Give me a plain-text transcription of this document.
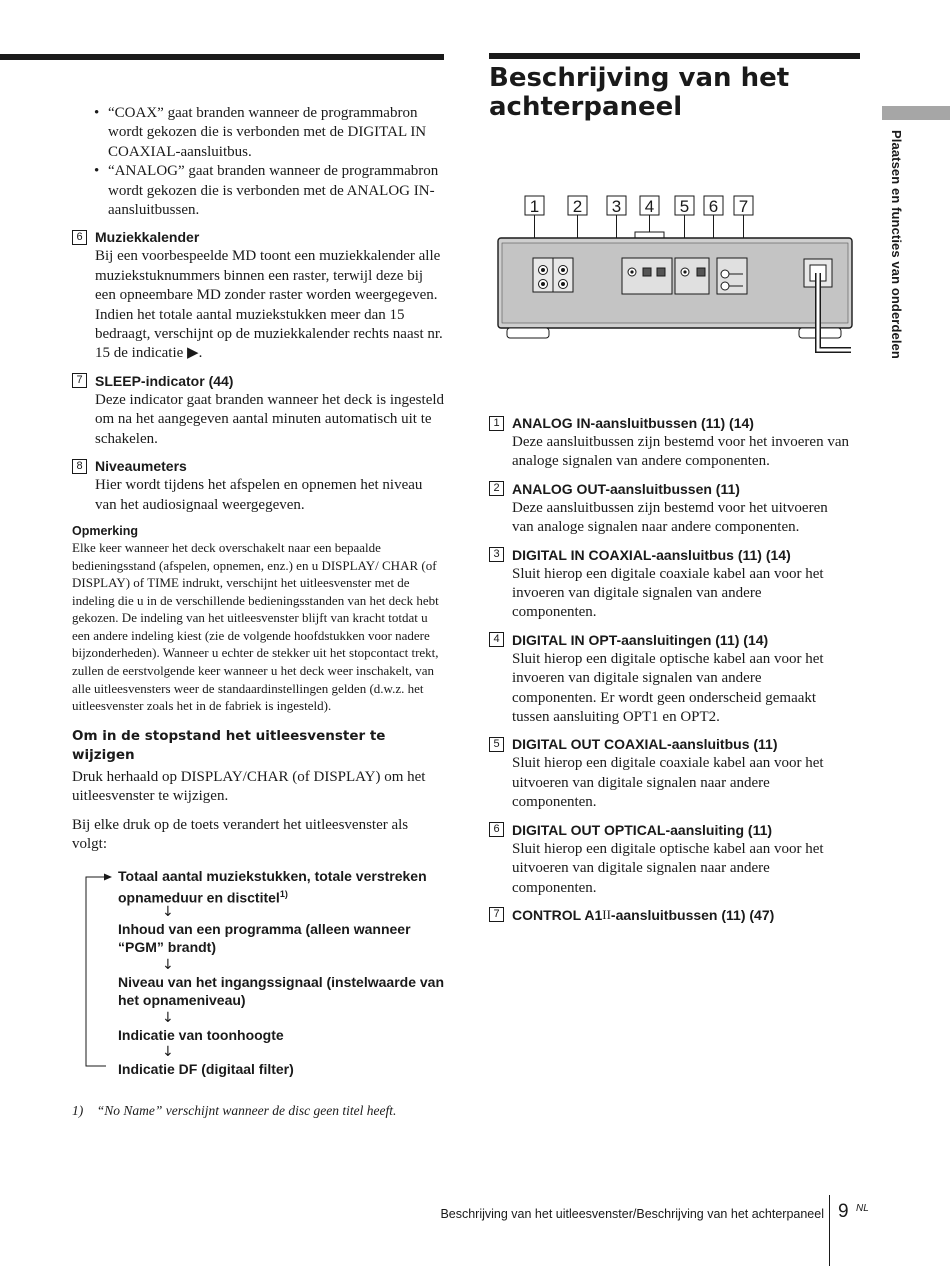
Plaatsen en functies van onderdelen
• “COAX” gaat branden wanneer de programmabron wordt gekozen die is verbonden met de DIGITAL IN COAXIAL-aansluitbus.
• “ANALOG” gaat branden wanneer de programmabron wordt gekozen die is verbonden met de ANALOG IN-aansluitbussen.
6 Muziekkalender
Bij een voorbespeelde MD toont een muziekkalender alle muziekstuknummers binnen een raster, terwijl deze bij een opneembare MD zonder raster worden weergegeven. Indien het totale aantal muziekstukken meer dan 15 bedraagt, verschijnt op de muziekkalender rechts naast nr. 15 de indicatie ▶.
7 SLEEP-indicator (44)
Deze indicator gaat branden wanneer het deck is ingesteld om na het aangegeven aantal minuten automatisch uit te schakelen.
8 Niveaumeters
Hier wordt tijdens het afspelen en opnemen het niveau van het audiosignaal weergegeven.
Opmerking
Elke keer wanneer het deck overschakelt naar een bepaalde bedieningsstand (afspelen, opnemen, enz.) en u DISPLAY/ CHAR (of DISPLAY) of TIME indrukt, verschijnt het uitleesvenster met de indeling die u in de verschillende bedieningsstanden van het deck hebt gekozen. De indeling van het uitleesvenster blijft van kracht totdat u een andere indeling kiest (zie de volgende hoofdstukken voor nadere bijzonderheden). Wanneer u echter de stekker uit het stopcontact trekt, zullen de eerstvolgende keer wanneer u het deck weer inschakelt, van alle uitleesvensters weer de standaardinstellingen gelden (d.w.z. het uitleesvenster zoals het in de fabriek is ingesteld).
Om in de stopstand het uitleesvenster te wijzigen
Druk herhaald op DISPLAY/CHAR (of DISPLAY) om het uitleesvenster te wijzigen.
Bij elke druk op de toets verandert het uitleesvenster als volgt:
Totaal aantal muziekstukken, totale verstreken opnameduur en disctitel$^{1)}$
↓
Inhoud van een programma (alleen wanneer “PGM” brandt)
↓
Niveau van het ingangssignaal (instelwaarde van het opnameniveau)
↓
Indicatie van toonhoogte
↓
Indicatie DF (digitaal filter)
1) “No Name” verschijnt wanneer de disc geen titel heeft.
Beschrijving van het achterpaneel
1 2 3 4 5 6 7
1 ANALOG IN-aansluitbussen (11) (14)
Deze aansluitbussen zijn bestemd voor het invoeren van analoge signalen van andere componenten.
2 ANALOG OUT-aansluitbussen (11)
Deze aansluitbussen zijn bestemd voor het uitvoeren van analoge signalen naar andere componenten.
3 DIGITAL IN COAXIAL-aansluitbus (11) (14)
Sluit hierop een digitale coaxiale kabel aan voor het invoeren van digitale signalen van andere componenten.
4 DIGITAL IN OPT-aansluitingen (11) (14)
Sluit hierop een digitale optische kabel aan voor het invoeren van digitale signalen van andere componenten. Er wordt geen onderscheid gemaakt tussen aansluiting OPT1 en OPT2.
5 DIGITAL OUT COAXIAL-aansluitbus (11)
Sluit hierop een digitale coaxiale kabel aan voor het uitvoeren van digitale signalen naar andere componenten.
6 DIGITAL OUT OPTICAL-aansluiting (11)
Sluit hierop een digitale optische kabel aan voor het uitvoeren van digitale signalen naar andere componenten.
7 CONTROL A1 II -aansluitbussen (11) (47)
Beschrijving van het uitleesvenster/Beschrijving van het achterpaneel 9 NL
